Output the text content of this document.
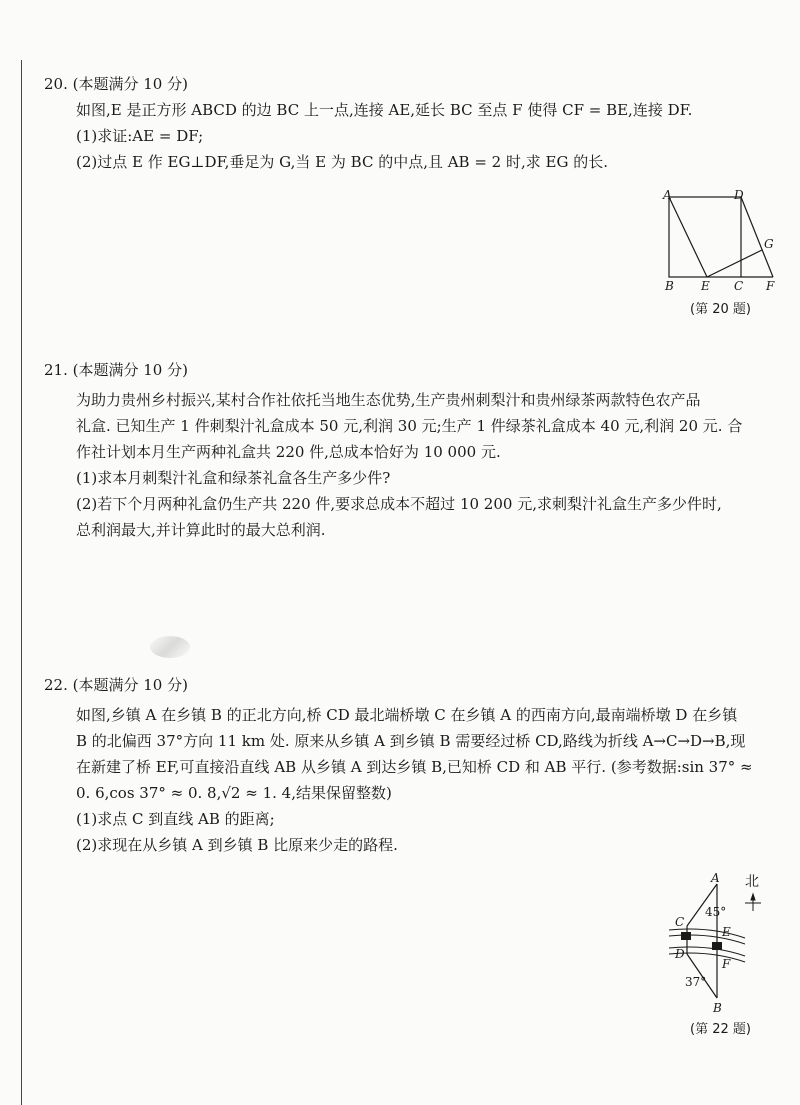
20. (本题满分 10 分)

如图,E 是正方形 ABCD 的边 BC 上一点,连接 AE,延长 BC 至点 F 使得 CF = BE,连接 DF.

(1)求证:AE = DF;

(2)过点 E 作 EG⊥DF,垂足为 G,当 E 为 BC 的中点,且 AB = 2 时,求 EG 的长.

A	D
G
B E C F
(第 20 题)

21. (本题满分 10 分)

为助力贵州乡村振兴,某村合作社依托当地生态优势,生产贵州刺梨汁和贵州绿茶两款特色农产品

礼盒. 已知生产 1 件刺梨汁礼盒成本 50 元,利润 30 元;生产 1 件绿茶礼盒成本 40 元,利润 20 元. 合

作社计划本月生产两种礼盒共 220 件,总成本恰好为 10 000 元.

(1)求本月刺梨汁礼盒和绿茶礼盒各生产多少件?

(2)若下个月两种礼盒仍生产共 220 件,要求总成本不超过 10 200 元,求刺梨汁礼盒生产多少件时,

总利润最大,并计算此时的最大总利润.

22. (本题满分 10 分)

如图,乡镇 A 在乡镇 B 的正北方向,桥 CD 最北端桥墩 C 在乡镇 A 的西南方向,最南端桥墩 D 在乡镇

B 的北偏西 37°方向 11 km 处. 原来从乡镇 A 到乡镇 B 需要经过桥 CD,路线为折线 A→C→D→B,现

在新建了桥 EF,可直接沿直线 AB 从乡镇 A 到达乡镇 B,已知桥 CD 和 AB 平行. (参考数据:sin 37° ≈

0. 6,cos 37° ≈ 0. 8,√2 ≈ 1. 4,结果保留整数)

(1)求点 C 到直线 AB 的距离;

(2)求现在从乡镇 A 到乡镇 B 比原来少走的路程.

A
45°
C
E
D
F
37°
B
北
(第 22 题)
